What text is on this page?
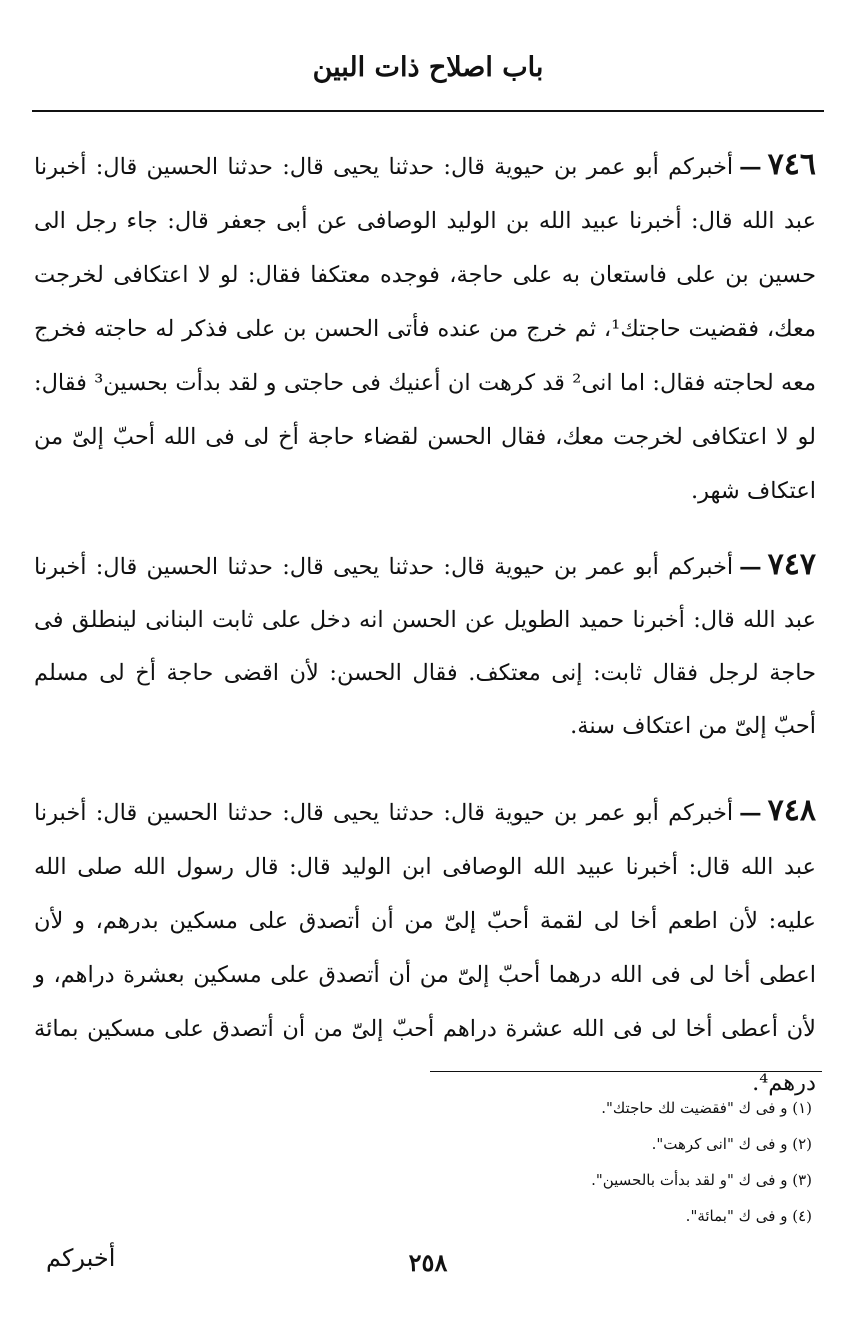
باب اصلاح ذات البين

٧٤٦—أخبركم أبو عمر بن حيوية قال: حدثنا يحيى قال: حدثنا الحسين قال: أخبرنا عبد الله قال: أخبرنا عبيد الله بن الوليد الوصافى عن أبى جعفر قال: جاء رجل الى حسين بن على فاستعان به على حاجة، فوجده معتكفا فقال: لو لا اعتكافى لخرجت معك، فقضيت حاجتك¹، ثم خرج من عنده فأتى الحسن بن على فذكر له حاجته فخرج معه لحاجته فقال: اما انى² قد كرهت ان أعنيك فى حاجتى و لقد بدأت بحسين³ فقال: لو لا اعتكافى لخرجت معك، فقال الحسن لقضاء حاجة أخ لى فى الله أحبّ إلىّ من اعتكاف شهر.

٧٤٧—أخبركم أبو عمر بن حيوية قال: حدثنا يحيى قال: حدثنا الحسين قال: أخبرنا عبد الله قال: أخبرنا حميد الطويل عن الحسن انه دخل على ثابت البنانى لينطلق فى حاجة لرجل فقال ثابت: إنى معتكف. فقال الحسن: لأن اقضى حاجة أخ لى مسلم أحبّ إلىّ من اعتكاف سنة.

٧٤٨—أخبركم أبو عمر بن حيوية قال: حدثنا يحيى قال: حدثنا الحسين قال: أخبرنا عبد الله قال: أخبرنا عبيد الله الوصافى ابن الوليد قال: قال رسول الله صلى الله عليه: لأن اطعم أخا لى لقمة أحبّ إلىّ من أن أتصدق على مسكين بدرهم، و لأن اعطى أخا لى فى الله درهما أحبّ إلىّ من أن أتصدق على مسكين بعشرة دراهم، و لأن أعطى أخا لى فى الله عشرة دراهم أحبّ إلىّ من أن أتصدق على مسكين بمائة درهم⁴.

(١) و فى ك "فقضيت لك حاجتك".
(٢) و فى ك "انى كرهت".
(٣) و فى ك "و لقد بدأت بالحسين".
(٤) و فى ك "بمائة".
٢٥٨
أخبركم
